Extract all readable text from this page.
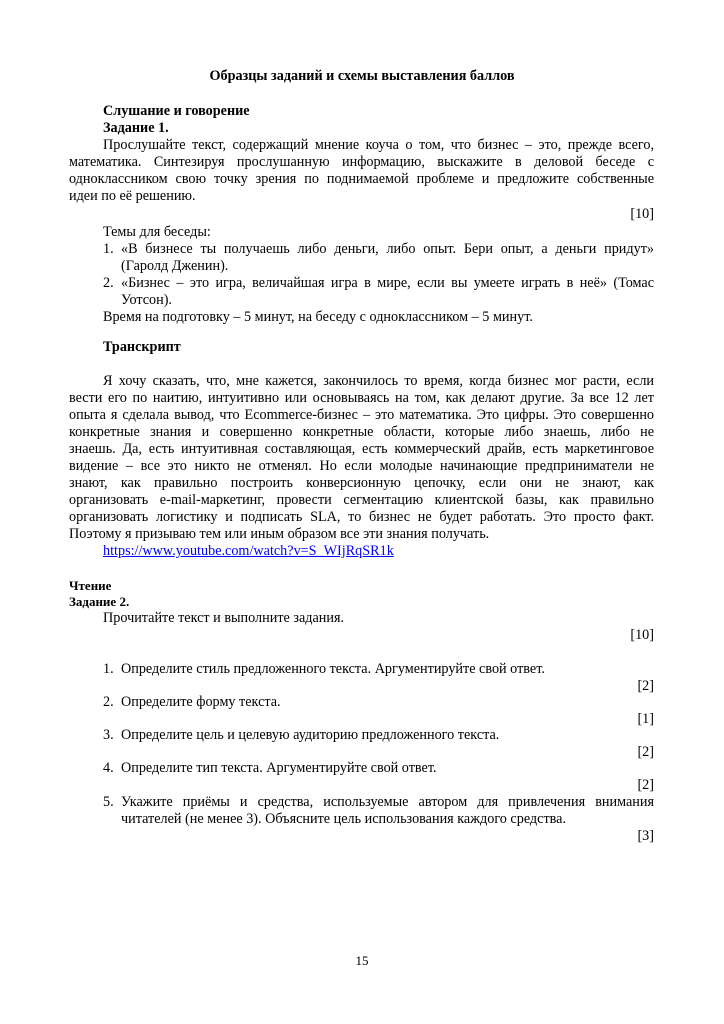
Образцы заданий и схемы выставления баллов

Слушание и говорение

Задание 1.

Прослушайте текст, содержащий мнение коуча о том, что бизнес – это, прежде всего,

математика. Синтезируя прослушанную информацию, выскажите в деловой беседе с

одноклассником свою точку зрения по поднимаемой проблеме и предложите собственные

идеи по её решению.

[10]

Темы для беседы:

1. «В бизнесе ты получаешь либо деньги, либо опыт. Бери опыт, а деньги придут»

(Гаролд Дженин).

2. «Бизнес – это игра, величайшая игра в мире, если вы умеете играть в неё» (Томас

Уотсон).

Время на подготовку – 5 минут, на беседу с одноклассником – 5 минут.

Транскрипт

Я хочу сказать, что, мне кажется, закончилось то время, когда бизнес мог расти, если

вести его по наитию, интуитивно или основываясь на том, как делают другие. За все 12 лет

опыта я сделала вывод, что Ecommerce-бизнес – это математика. Это цифры. Это совершенно

конкретные знания и совершенно конкретные области, которые либо знаешь, либо не

знаешь. Да, есть интуитивная составляющая, есть коммерческий драйв, есть маркетинговое

видение – все это никто не отменял. Но если молодые начинающие предприниматели не

знают, как правильно построить конверсионную цепочку, если они не знают, как

организовать e-mail-маркетинг, провести сегментацию клиентской базы, как правильно

организовать логистику и подписать SLA, то бизнес не будет работать. Это просто факт.

Поэтому я призываю тем или иным образом все эти знания получать.

https://www.youtube.com/watch?v=S_WIjRqSR1k

Чтение

Задание 2.

Прочитайте текст и выполните задания.

[10]

1. Определите стиль предложенного текста. Аргументируйте свой ответ.

[2]

2. Определите форму текста.

[1]

3. Определите цель и целевую аудиторию предложенного текста.

[2]

4. Определите тип текста. Аргументируйте свой ответ.

[2]

5. Укажите приёмы и средства, используемые автором для привлечения внимания

читателей (не менее 3). Объясните цель использования каждого средства.

[3]

15
